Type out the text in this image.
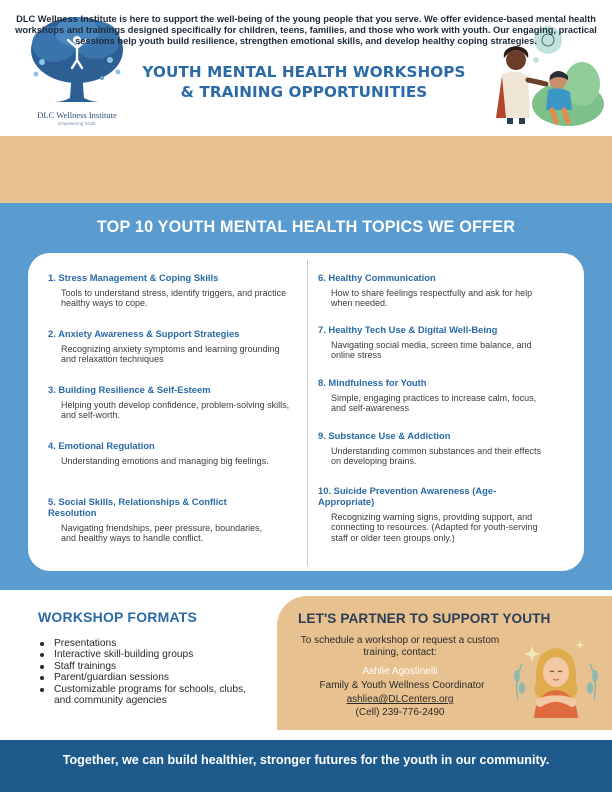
DLC Wellness Institute
Empowering Youth
YOUTH MENTAL HEALTH WORKSHOPS
& TRAINING OPPORTUNITIES
DLC Wellness Institute is here to support the well-being of the young people that you serve. We offer evidence-based mental health workshops and trainings designed specifically for children, teens, families, and those who work with youth. Our engaging, practical sessions help youth build resilience, strengthen emotional skills, and develop healthy coping strategies.
TOP 10 YOUTH MENTAL HEALTH TOPICS WE OFFER
1. Stress Management & Coping Skills
Tools to understand stress, identify triggers, and practice healthy ways to cope.
2. Anxiety Awareness & Support Strategies
Recognizing anxiety symptoms and learning grounding and relaxation techniques
3. Building Resilience & Self-Esteem
Helping youth develop confidence, problem-solving skills, and self-worth.
4. Emotional Regulation
Understanding emotions and managing big feelings.
5. Social Skills, Relationships & Conflict Resolution
Navigating friendships, peer pressure, boundaries, and healthy ways to handle conflict.
6. Healthy Communication
How to share feelings respectfully and ask for help when needed.
7. Healthy Tech Use & Digital Well-Being
Navigating social media, screen time balance, and online stress
8. Mindfulness for Youth
Simple, engaging practices to increase calm, focus, and self-awareness
9. Substance Use & Addiction
Understanding common substances and their effects on developing brains.
10. Suicide Prevention Awareness (Age-Appropriate)
Recognizing warning signs, providing support, and connecting to resources. (Adapted for youth-serving staff or older teen groups only.)
WORKSHOP FORMATS
Presentations
Interactive skill-building groups
Staff trainings
Parent/guardian sessions
Customizable programs for schools, clubs, and community agencies
LET'S PARTNER TO SUPPORT YOUTH
To schedule a workshop or request a custom training, contact:
Ashlie Agostinelli
Family & Youth Wellness Coordinator
ashliea@DLCenters.org
(Cell) 239-776-2490
Together, we can build healthier, stronger futures for the youth in our community.
